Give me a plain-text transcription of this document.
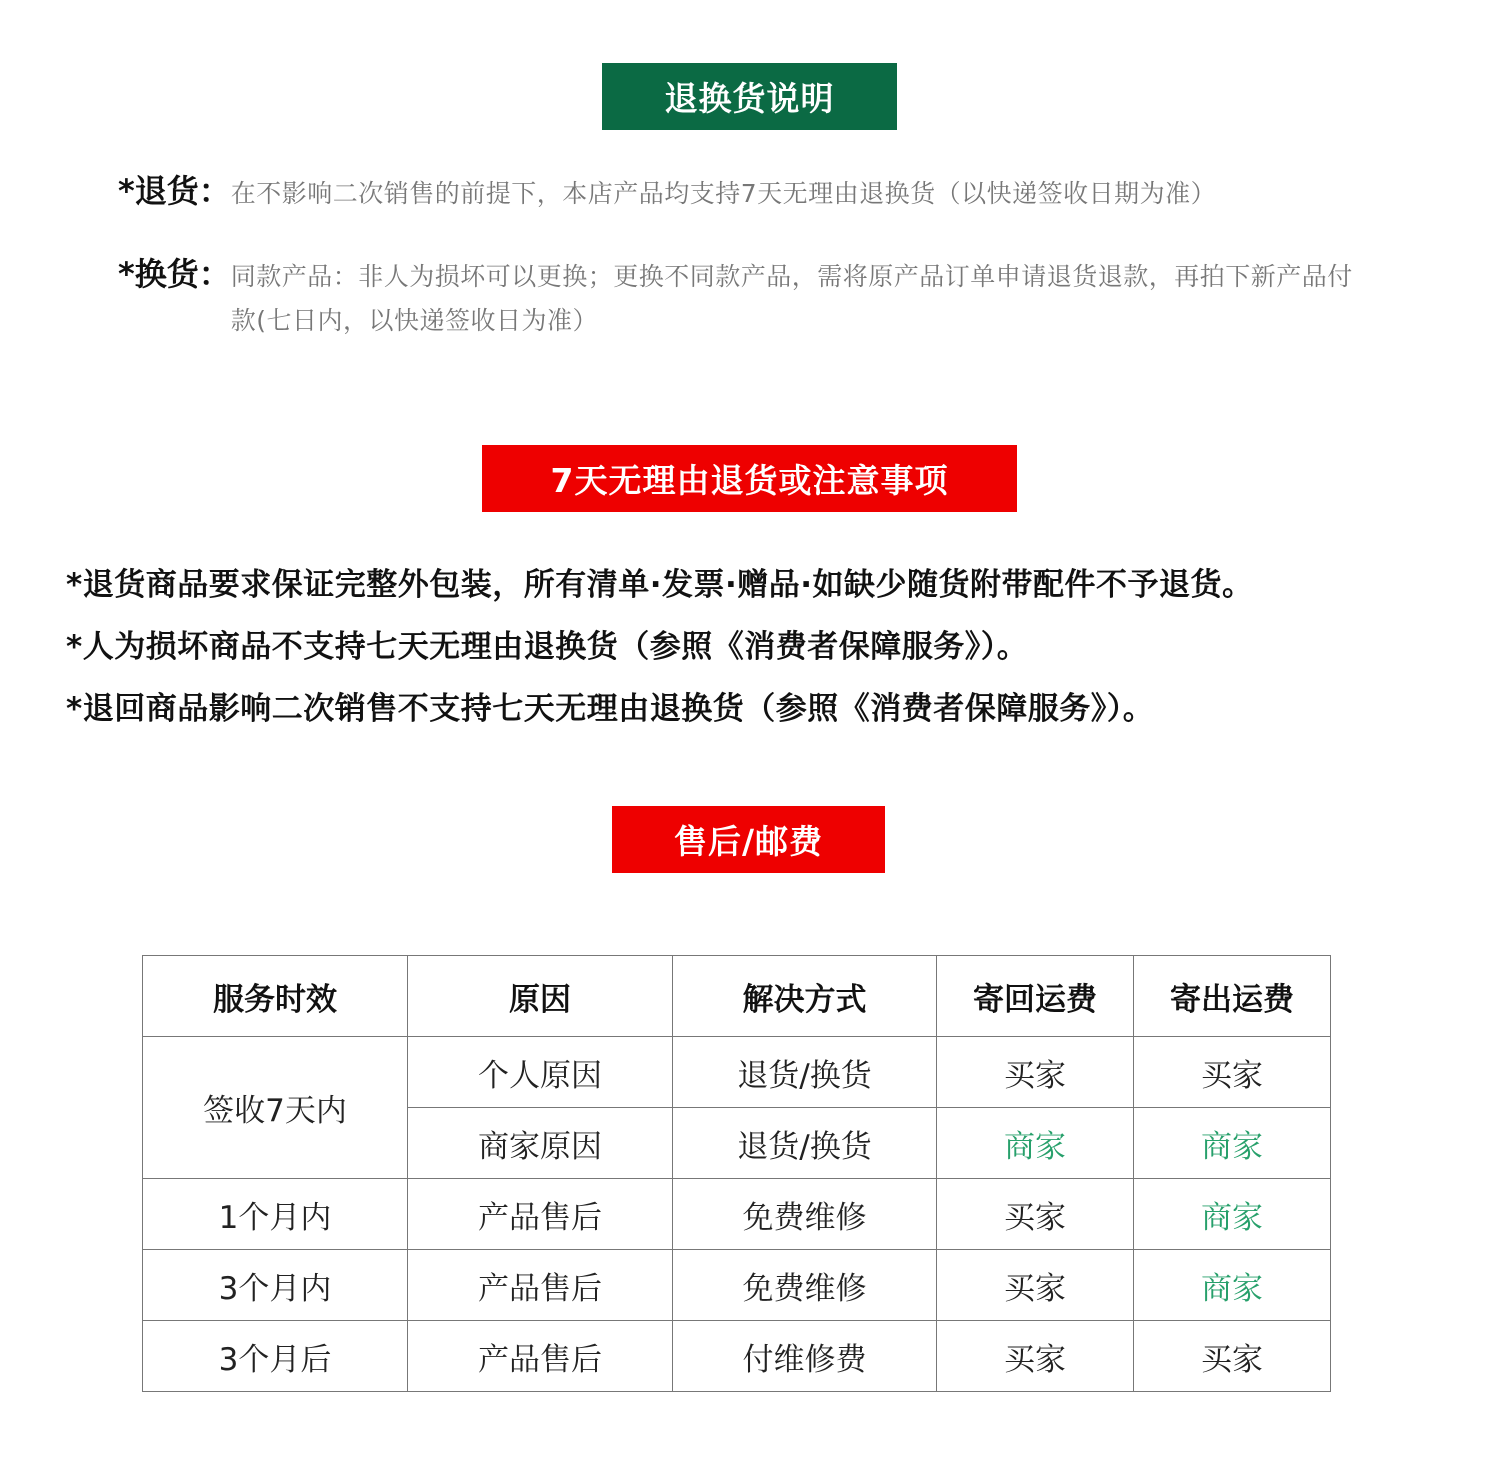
退换货说明
*退货： 在不影响二次销售的前提下，本店产品均支持7天无理由退换货（以快递签收日期为准）
*换货： 同款产品：非人为损坏可以更换；更换不同款产品，需将原产品订单申请退货退款，再拍下新产品付款(七日内，以快递签收日为准）
7天无理由退货或注意事项
*退货商品要求保证完整外包装，所有清单·发票·赠品·如缺少随货附带配件不予退货。
*人为损坏商品不支持七天无理由退换货（参照《消费者保障服务》）。
*退回商品影响二次销售不支持七天无理由退换货（参照《消费者保障服务》）。
售后/邮费
服务时效	原因	解决方式	寄回运费	寄出运费
签收7天内	个人原因	退货/换货	买家	买家
	商家原因	退货/换货	商家	商家
1个月内	产品售后	免费维修	买家	商家
3个月内	产品售后	免费维修	买家	商家
3个月后	产品售后	付维修费	买家	买家
